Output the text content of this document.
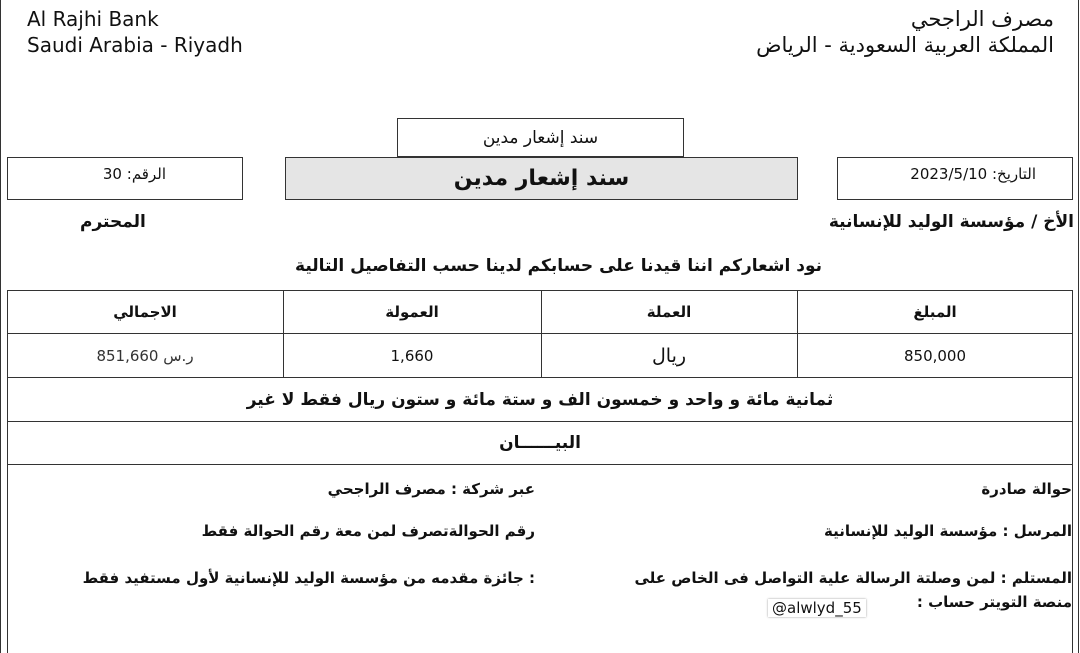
Al Rajhi Bank
Saudi Arabia - Riyadh
مصرف الراجحي
المملكة العربية السعودية - الرياض
سند إشعار مدين
التاريخ: 2023/5/10
سند إشعار مدين
الرقم: 30
الأخ / مؤسسة الوليد للإنسانية
المحترم
نود اشعاركم اننا قيدنا على حسابكم لدينا حسب التفاصيل التالية
المبلغ
العملة
العمولة
الاجمالي
850,000
ريال
1,660
851,660 ر.س
ثمانية مائة و واحد و خمسون الف و ستة مائة و ستون ريال فقط لا غير
البيــــــان
حوالة صادرة
عبر شركة : مصرف الراجحي
المرسل : مؤسسة الوليد للإنسانية
رقم الحوالةتصرف لمن معة رقم الحوالة فقط
المستلم : لمن وصلتة الرسالة علية التواصل فى الخاص على
منصة التويتر حساب :
@alwlyd_55
: جائزة مقدمه من مؤسسة الوليد للإنسانية لأول مستفيد فقط
